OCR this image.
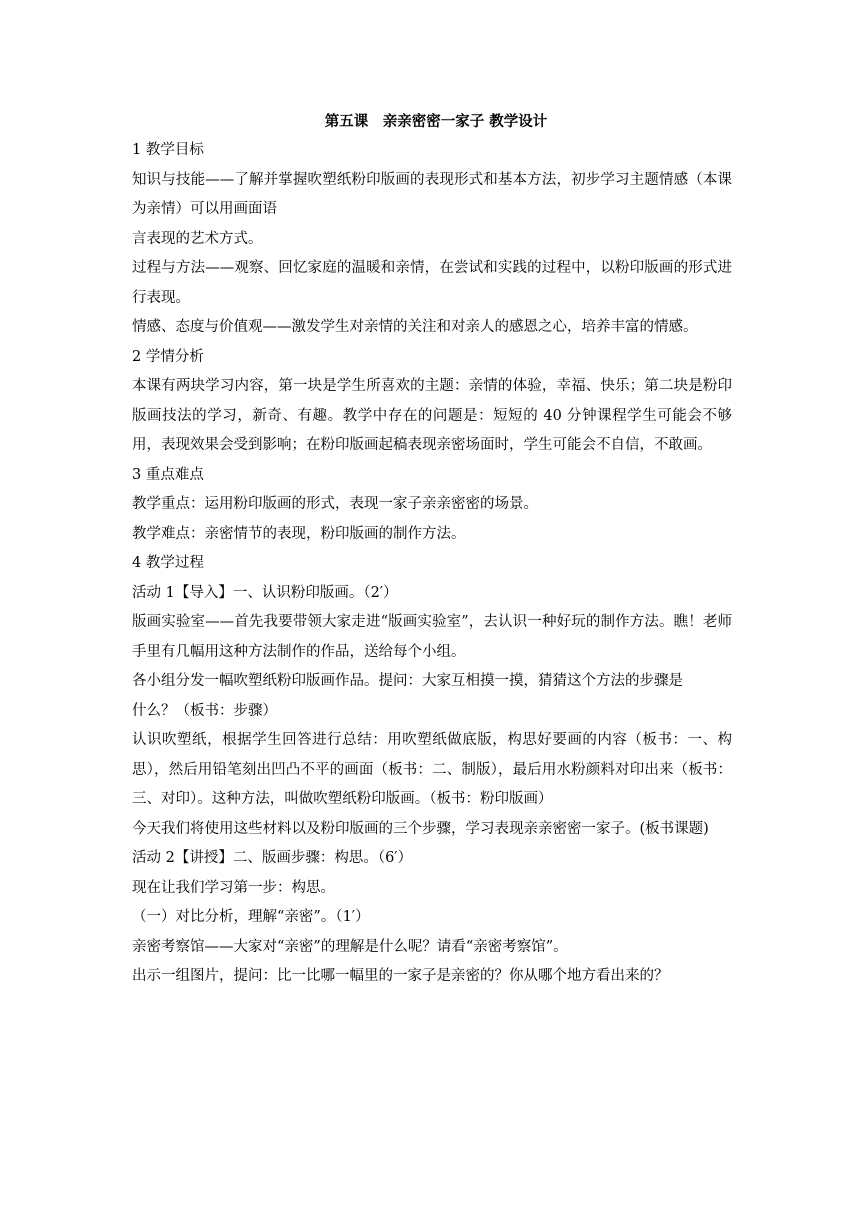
第五课　亲亲密密一家子 教学设计

1 教学目标

知识与技能——了解并掌握吹塑纸粉印版画的表现形式和基本方法，初步学习主题情感（本课为亲情）可以用画面语

言表现的艺术方式。

过程与方法——观察、回忆家庭的温暖和亲情，在尝试和实践的过程中，以粉印版画的形式进行表现。

情感、态度与价值观——激发学生对亲情的关注和对亲人的感恩之心，培养丰富的情感。

2 学情分析

本课有两块学习内容，第一块是学生所喜欢的主题：亲情的体验，幸福、快乐；第二块是粉印版画技法的学习，新奇、有趣。教学中存在的问题是：短短的 40 分钟课程学生可能会不够用，表现效果会受到影响；在粉印版画起稿表现亲密场面时，学生可能会不自信，不敢画。

3 重点难点

教学重点：运用粉印版画的形式，表现一家子亲亲密密的场景。

教学难点：亲密情节的表现，粉印版画的制作方法。

4 教学过程

活动 1【导入】一、认识粉印版画。（2′）

版画实验室——首先我要带领大家走进“版画实验室”，去认识一种好玩的制作方法。瞧！老师手里有几幅用这种方法制作的作品，送给每个小组。

各小组分发一幅吹塑纸粉印版画作品。提问：大家互相摸一摸，猜猜这个方法的步骤是

什么？（板书：步骤）

认识吹塑纸，根据学生回答进行总结：用吹塑纸做底版，构思好要画的内容（板书：一、构思），然后用铅笔刻出凹凸不平的画面（板书：二、制版），最后用水粉颜料对印出来（板书：三、对印）。这种方法，叫做吹塑纸粉印版画。（板书：粉印版画）

今天我们将使用这些材料以及粉印版画的三个步骤，学习表现亲亲密密一家子。(板书课题)

活动 2【讲授】二、版画步骤：构思。（6′）

现在让我们学习第一步：构思。

（一）对比分析，理解“亲密”。（1′）

亲密考察馆——大家对“亲密”的理解是什么呢？请看“亲密考察馆”。

出示一组图片，提问：比一比哪一幅里的一家子是亲密的？你从哪个地方看出来的？
